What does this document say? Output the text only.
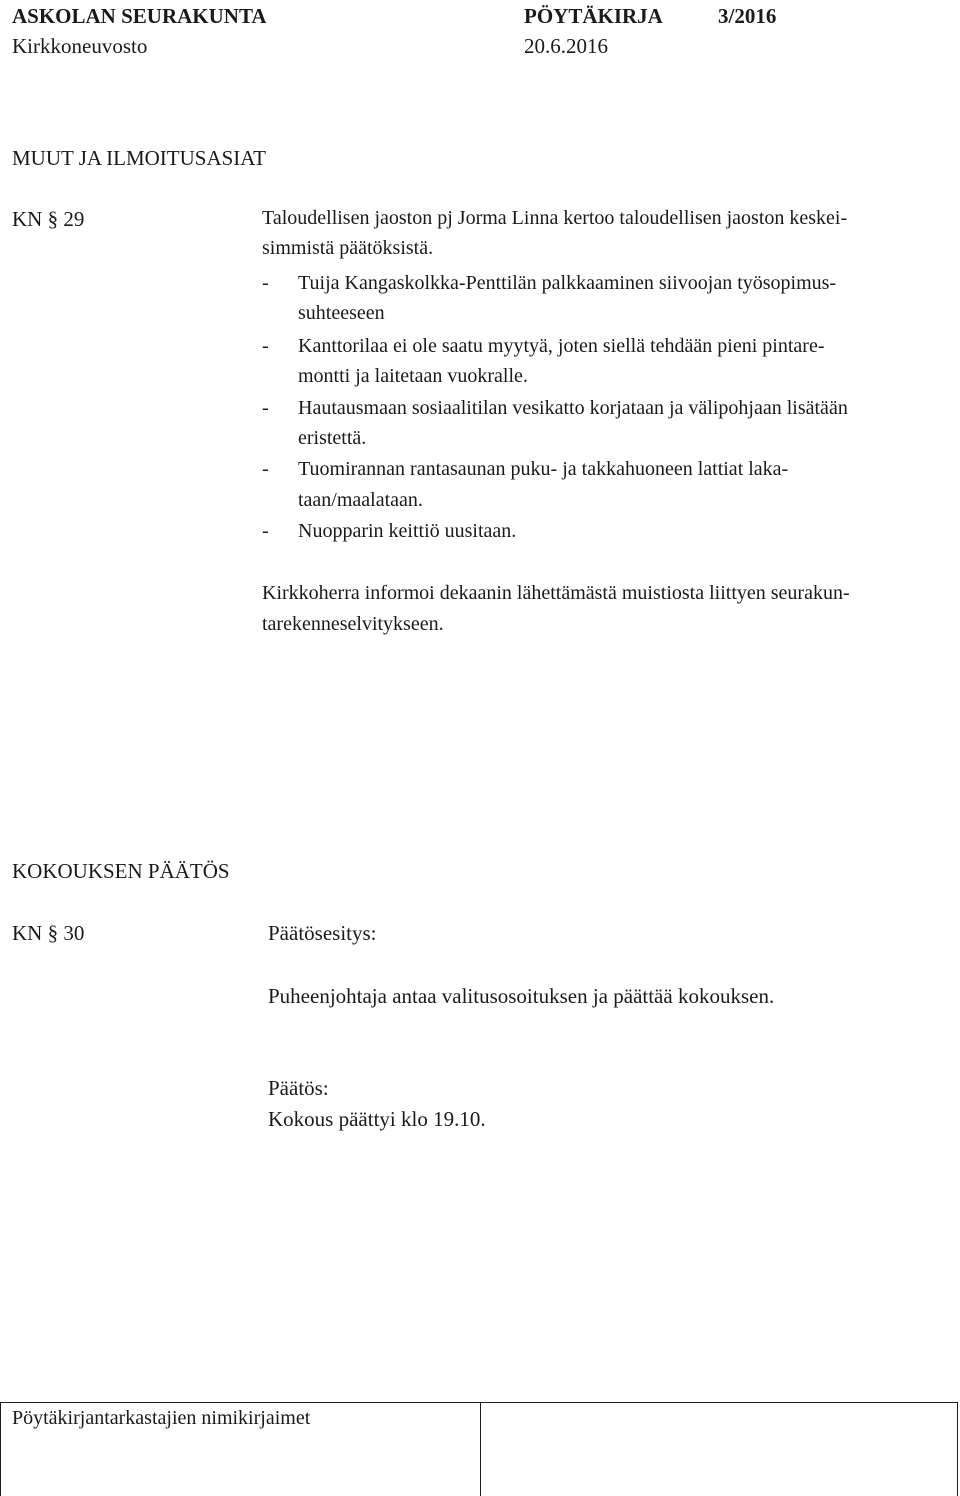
ASKOLAN SEURAKUNTA	PÖYTÄKIRJA	3/2016
Kirkkoneuvosto	20.6.2016
MUUT JA ILMOITUSASIAT
KN § 29	Taloudellisen jaoston pj Jorma Linna kertoo taloudellisen jaoston keskei-
simmistä päätöksistä.
- Tuija Kangaskolkka-Penttilän palkkaaminen siivoojan työsopimus-
suhteeseen
- Kanttorilaa ei ole saatu myytyä, joten siellä tehdään pieni pintare-
montti ja laitetaan vuokralle.
- Hautausmaan sosiaalitilan vesikatto korjataan ja välipohjaan lisätään
eristettä.
- Tuomirannan rantasaunan puku- ja takkahuoneen lattiat laka-
taan/maalataan.
- Nuopparin keittiö uusitaan.
Kirkkoherra informoi dekaanin lähettämästä muistiosta liittyen seurakun-
tarekenneselvitykseen.
KOKOUKSEN PÄÄTÖS
KN § 30	Päätösesitys:
Puheenjohtaja antaa valitusosoituksen ja päättää kokouksen.
Päätös:
Kokous päättyi klo 19.10.
Pöytäkirjantarkastajien nimikirjaimet
